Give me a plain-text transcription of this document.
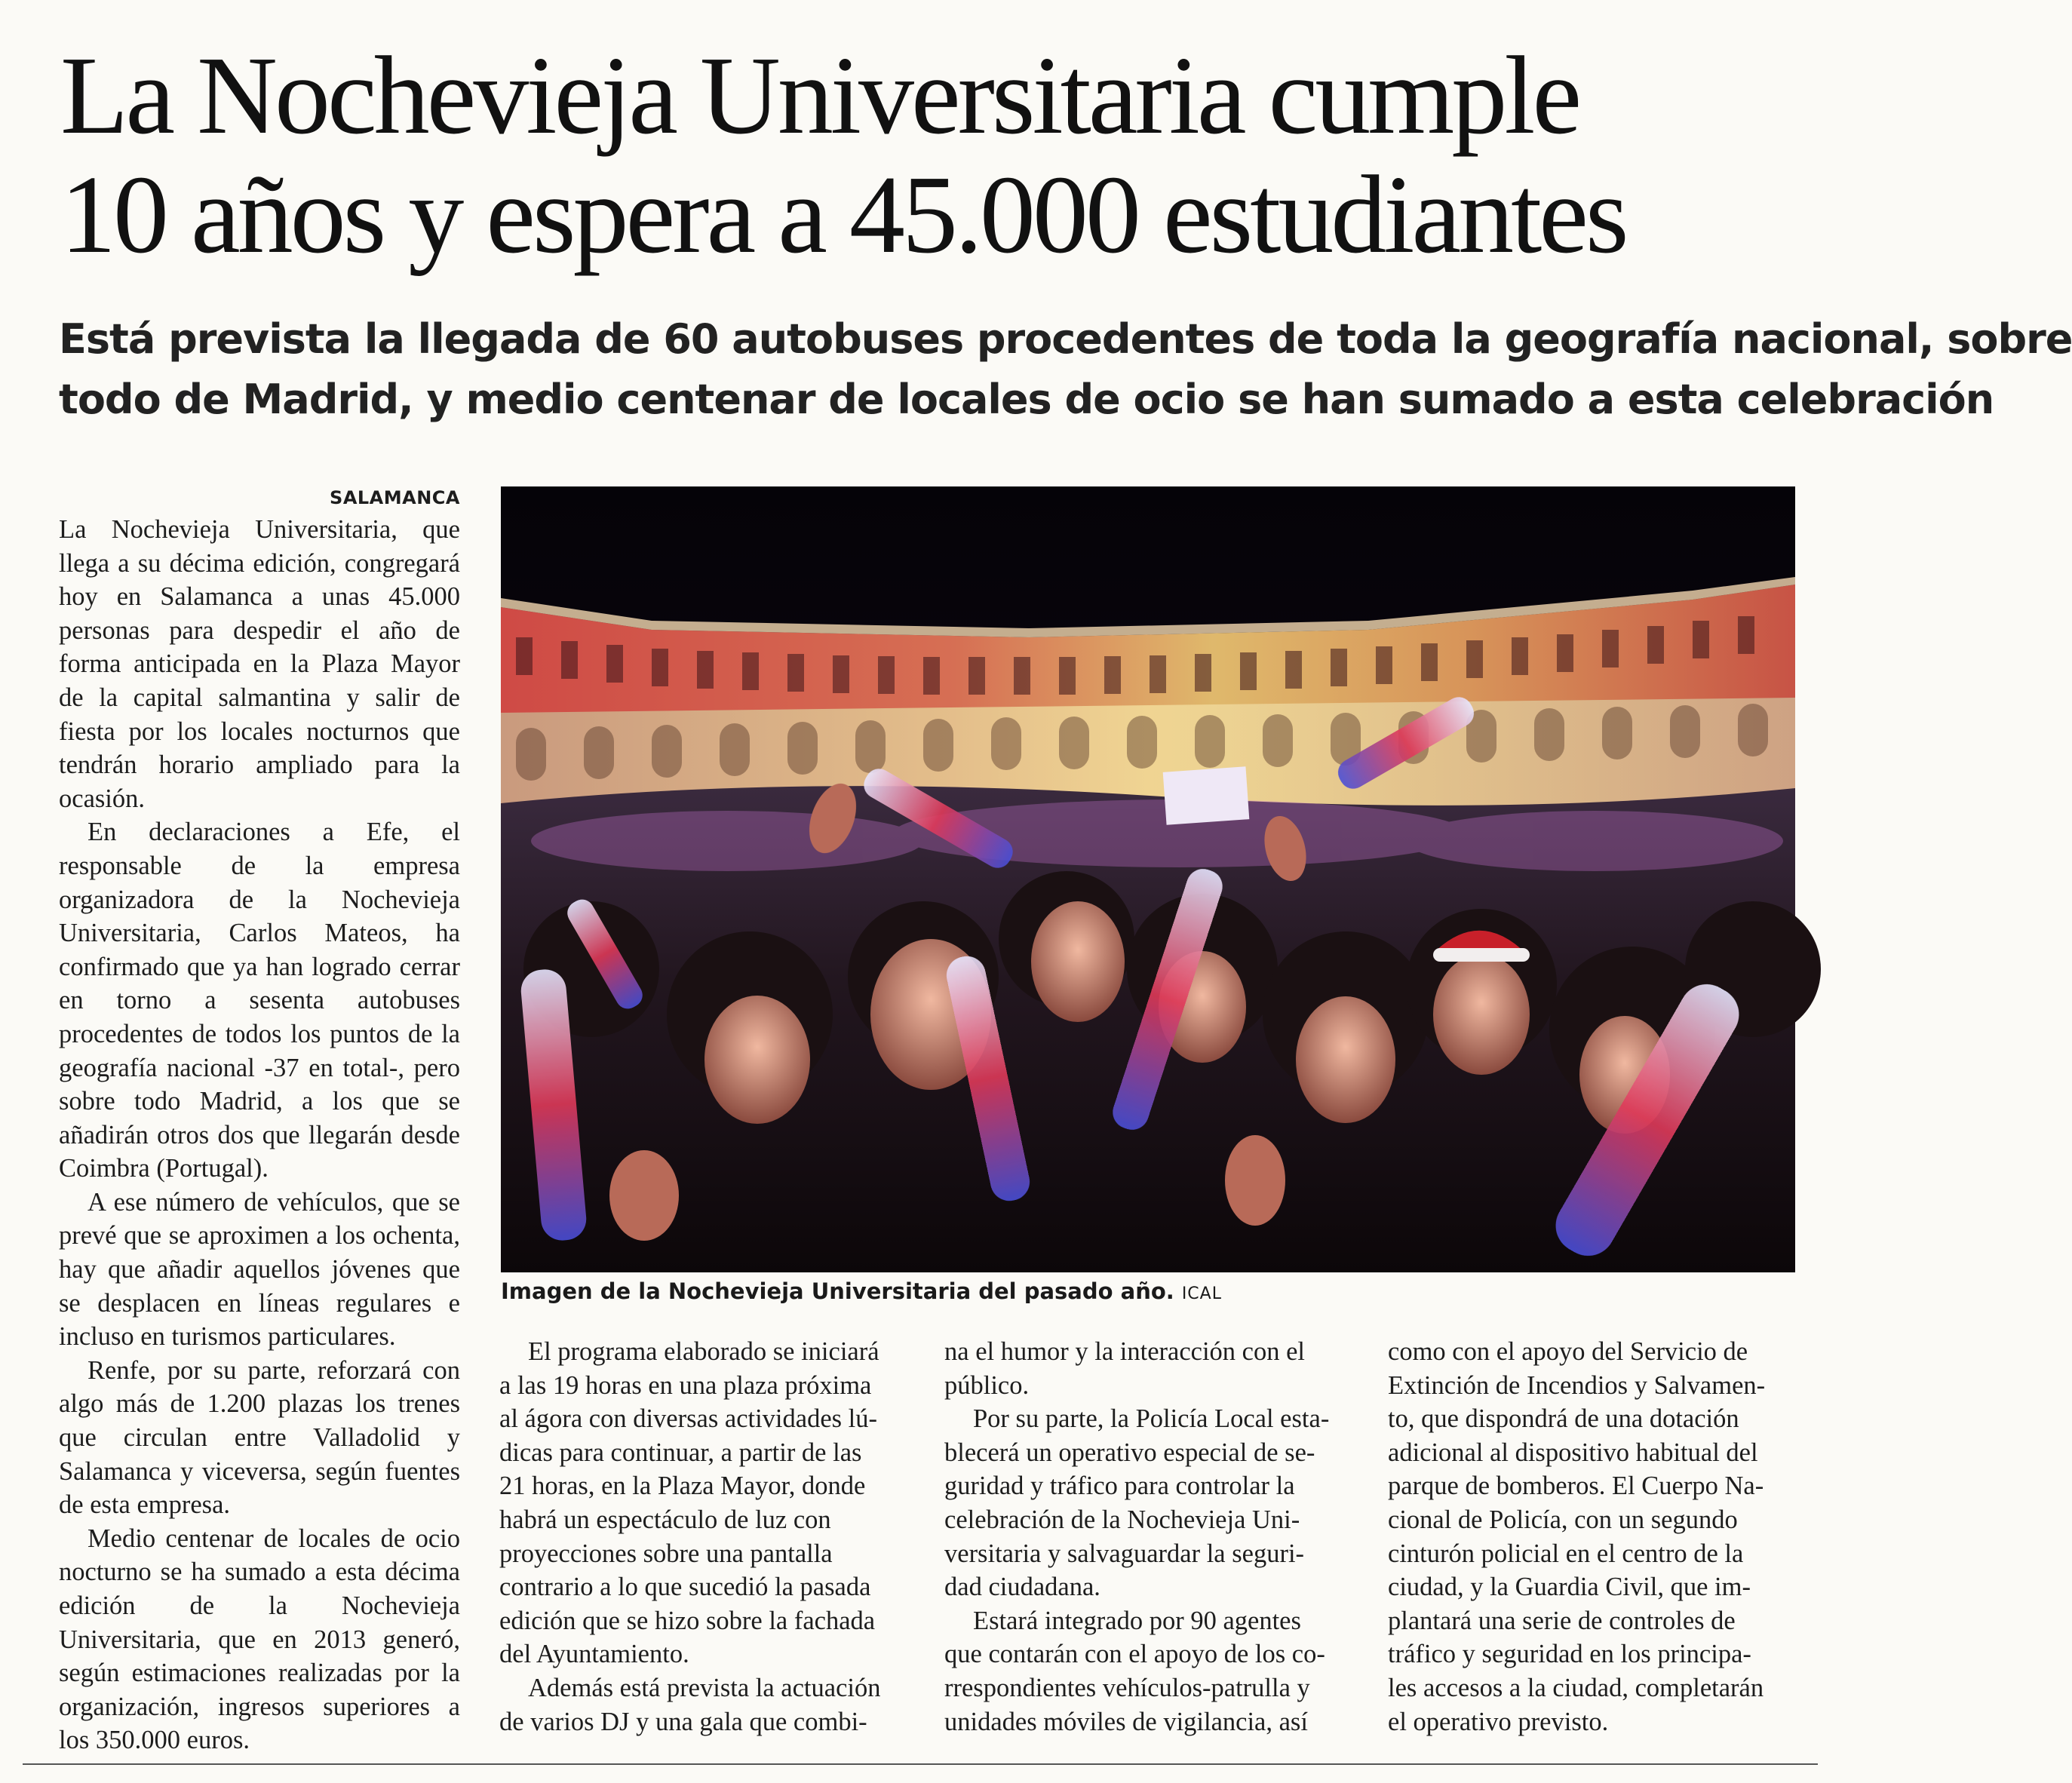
La Nochevieja Universitaria cumple
10 años y espera a 45.000 estudiantes
Está prevista la llegada de 60 autobuses procedentes de toda la geografía nacional, sobre
todo de Madrid, y medio centenar de locales de ocio se han sumado a esta celebración
SALAMANCA

La Nochevieja Universitaria, que llega a su décima edición, congregará hoy en Salamanca a unas 45.000 personas para despedir el año de forma anticipada en la Plaza Mayor de la capital salmantina y salir de fiesta por los locales nocturnos que tendrán horario ampliado para la ocasión.

En declaraciones a Efe, el responsable de la empresa organizadora de la Nochevieja Universitaria, Carlos Mateos, ha confirmado que ya han logrado cerrar en torno a sesenta autobuses procedentes de todos los puntos de la geografía nacional -37 en total-, pero sobre todo Madrid, a los que se añadirán otros dos que llegarán desde Coimbra (Portugal).

A ese número de vehículos, que se prevé que se aproximen a los ochenta, hay que añadir aquellos jóvenes que se desplacen en líneas regulares e incluso en turismos particulares.

Renfe, por su parte, reforzará con algo más de 1.200 plazas los trenes que circulan entre Valladolid y Salamanca y viceversa, según fuentes de esta empresa.

Medio centenar de locales de ocio nocturno se ha sumado a esta décima edición de la Nochevieja Universitaria, que en 2013 generó, según estimaciones realizadas por la organización, ingresos superiores a los 350.000 euros.

Imagen de la Nochevieja Universitaria del pasado año. ICAL
El programa elaborado se iniciará
a las 19 horas en una plaza próxima
al ágora con diversas actividades lú-
dicas para continuar, a partir de las
21 horas, en la Plaza Mayor, donde
habrá un espectáculo de luz con
proyecciones sobre una pantalla
contrario a lo que sucedió la pasada
edición que se hizo sobre la fachada
del Ayuntamiento.
Además está prevista la actuación
de varios DJ y una gala que combi-
na el humor y la interacción con el
público.
Por su parte, la Policía Local esta-
blecerá un operativo especial de se-
guridad y tráfico para controlar la
celebración de la Nochevieja Uni-
versitaria y salvaguardar la seguri-
dad ciudadana.
Estará integrado por 90 agentes
que contarán con el apoyo de los co-
rrespondientes vehículos-patrulla y
unidades móviles de vigilancia, así
como con el apoyo del Servicio de
Extinción de Incendios y Salvamen-
to, que dispondrá de una dotación
adicional al dispositivo habitual del
parque de bomberos. El Cuerpo Na-
cional de Policía, con un segundo
cinturón policial en el centro de la
ciudad, y la Guardia Civil, que im-
plantará una serie de controles de
tráfico y seguridad en los principa-
les accesos a la ciudad, completarán
el operativo previsto.
